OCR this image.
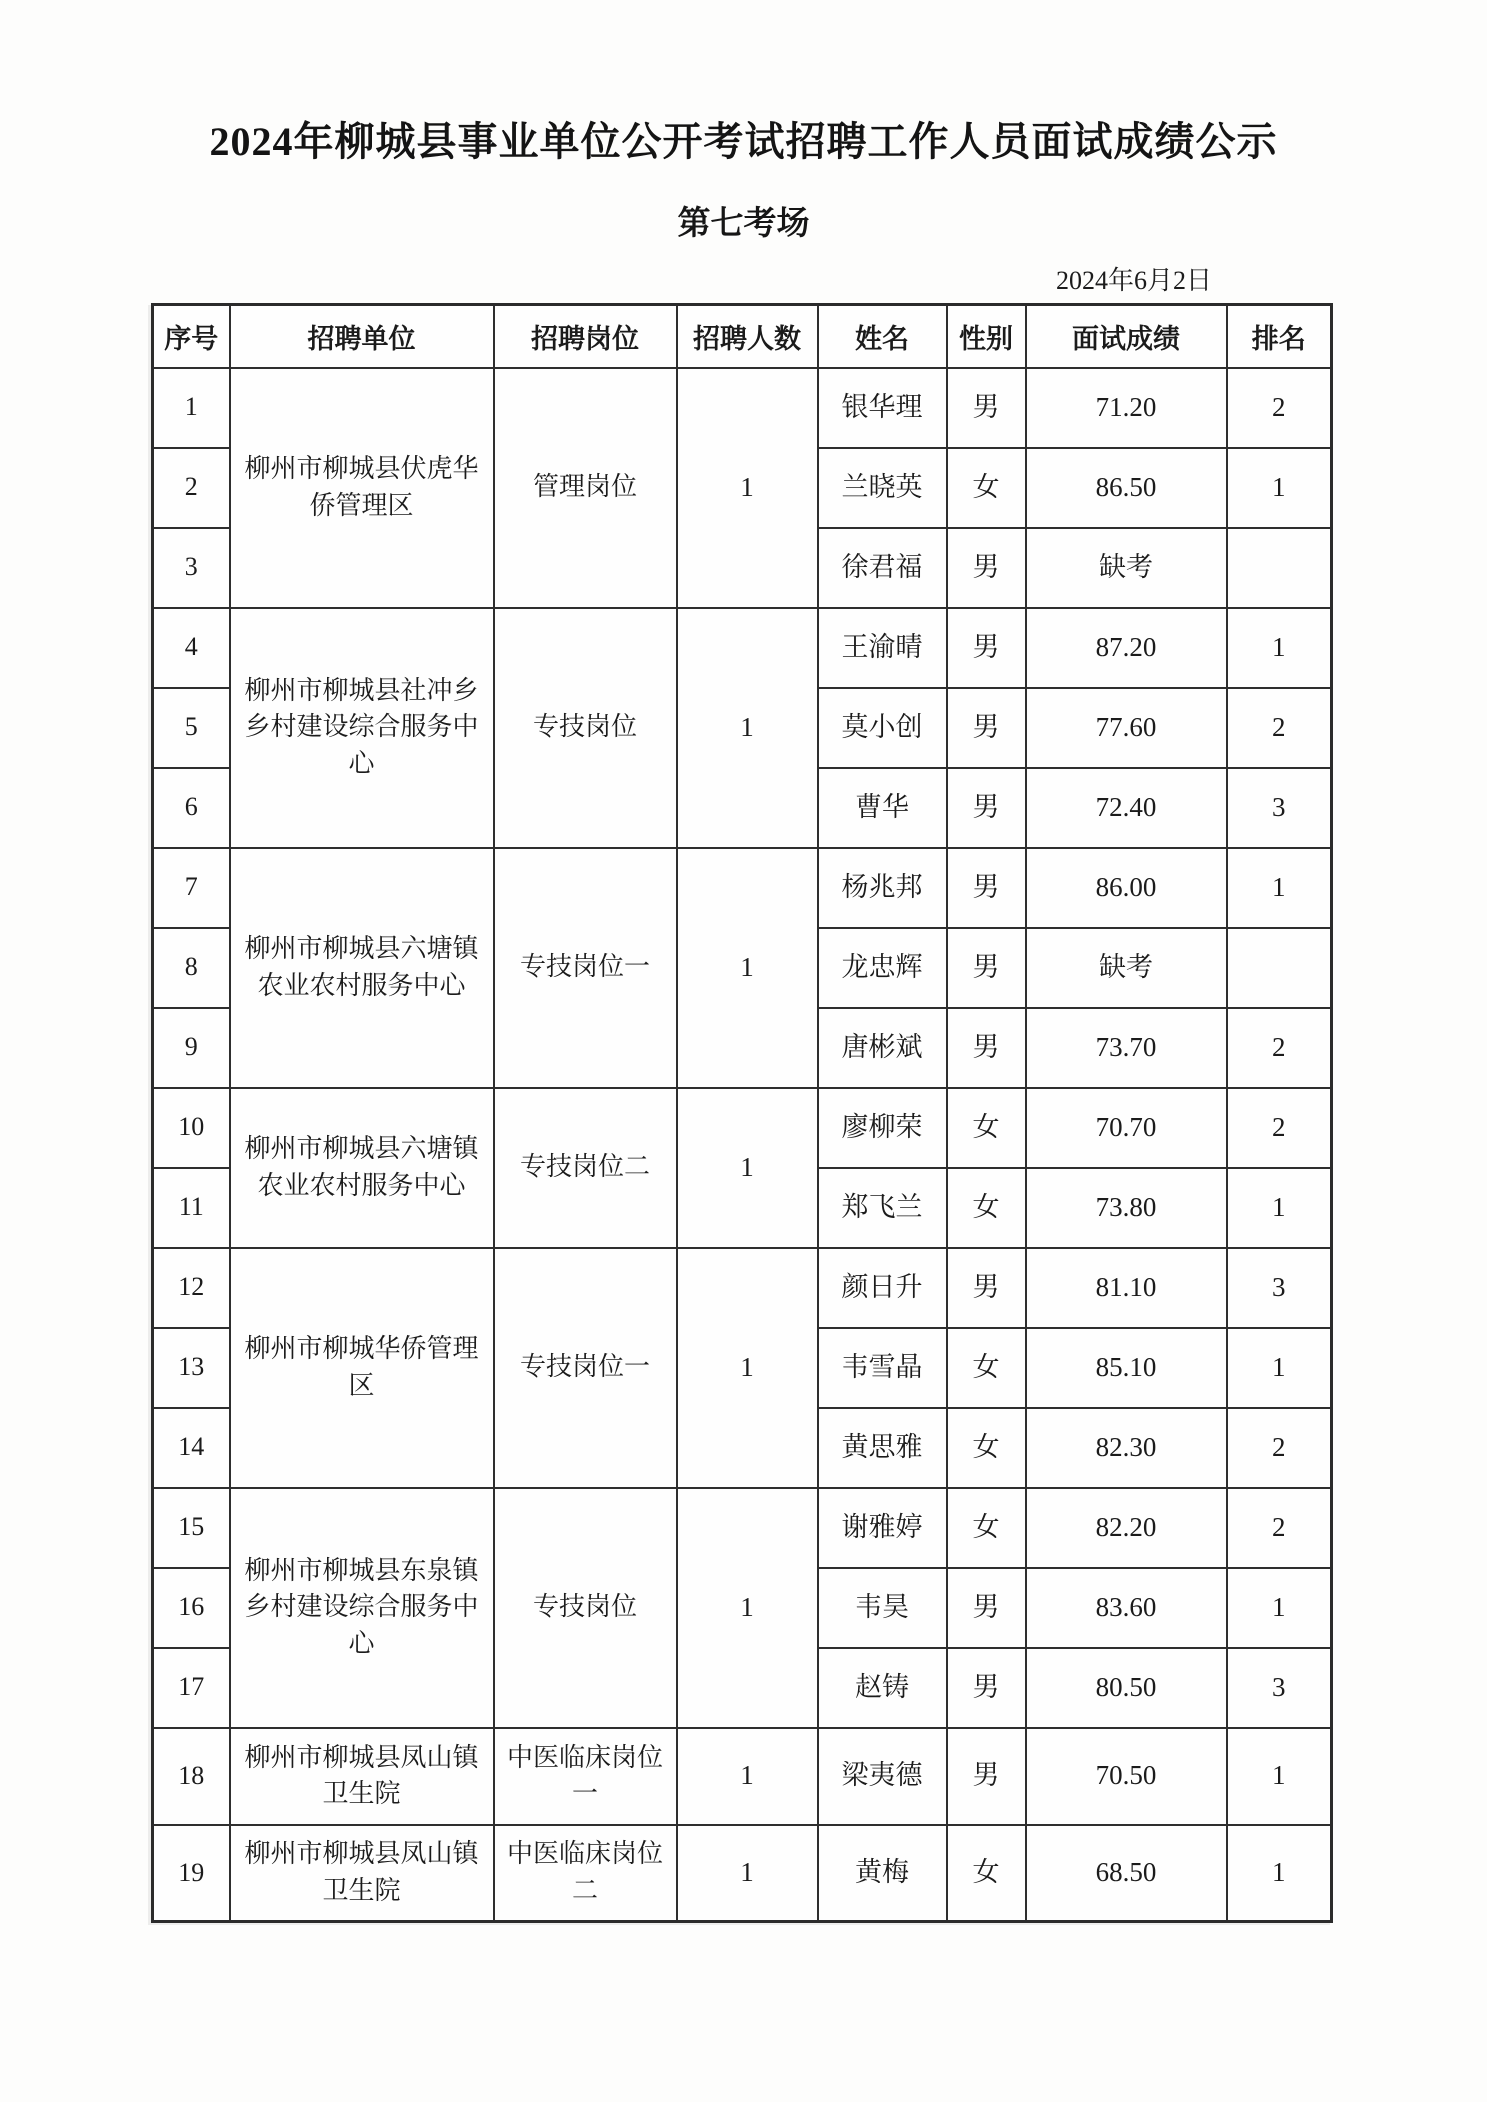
2024年柳城县事业单位公开考试招聘工作人员面试成绩公示
第七考场
2024年6月2日
序号	招聘单位	招聘岗位	招聘人数	姓名	性别	面试成绩	排名
1	柳州市柳城县伏虎华侨管理区	管理岗位	1	银华理	男	71.20	2
2				兰晓英	女	86.50	1
3				徐君福	男	缺考	
4	柳州市柳城县社冲乡乡村建设综合服务中心	专技岗位	1	王渝晴	男	87.20	1
5				莫小创	男	77.60	2
6				曹华	男	72.40	3
7	柳州市柳城县六塘镇农业农村服务中心	专技岗位一	1	杨兆邦	男	86.00	1
8				龙忠辉	男	缺考	
9				唐彬斌	男	73.70	2
10	柳州市柳城县六塘镇农业农村服务中心	专技岗位二	1	廖柳荣	女	70.70	2
11				郑飞兰	女	73.80	1
12	柳州市柳城华侨管理区	专技岗位一	1	颜日升	男	81.10	3
13				韦雪晶	女	85.10	1
14				黄思雅	女	82.30	2
15	柳州市柳城县东泉镇乡村建设综合服务中心	专技岗位	1	谢雅婷	女	82.20	2
16				韦昊	男	83.60	1
17				赵铸	男	80.50	3
18	柳州市柳城县凤山镇卫生院	中医临床岗位一	1	梁夷德	男	70.50	1
19	柳州市柳城县凤山镇卫生院	中医临床岗位二	1	黄梅	女	68.50	1
